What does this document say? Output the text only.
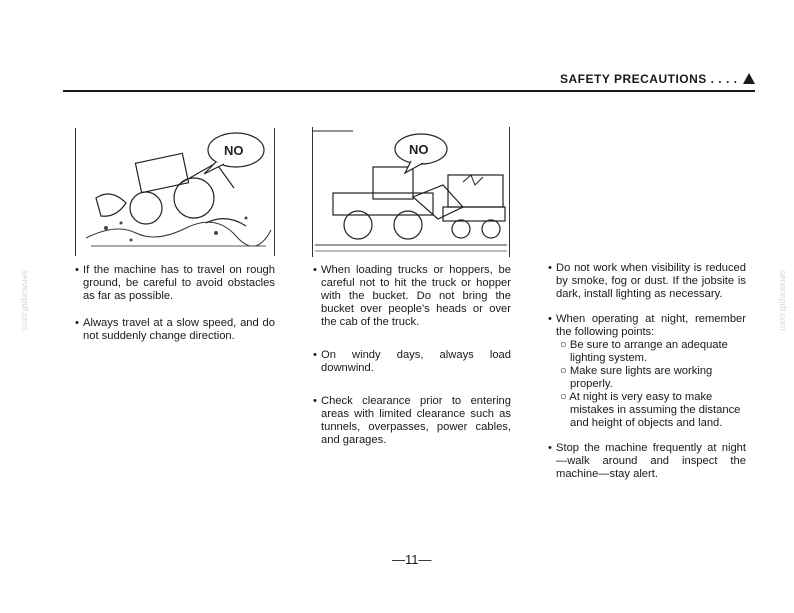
SAFETY PRECAUTIONS . . . .
NO	NO

• If the machine has to travel on rough ground, be careful to avoid obstacles as far as possible.

• Always travel at a slow speed, and do not suddenly change direction.

• When loading trucks or hoppers, be careful not to hit the truck or hopper with the bucket. Do not bring the bucket over people's heads or over the cab of the truck.

• On windy days, always load downwind.

• Check clearance prior to entering areas with limited clearance such as tunnels, overpasses, power cables, and garages.

• Do not work when visibility is reduced by smoke, fog or dust. If the jobsite is dark, install lighting as necessary.

• When operating at night, remember the following points:

○ Be sure to arrange an adequate lighting system.

○ Make sure lights are working properly.

○ At night is very easy to make mistakes in assuming the distance and height of objects and land.

• Stop the machine frequently at night—walk around and inspect the machine—stay alert.

servicepdf.com	servicepdf.com
—11—
